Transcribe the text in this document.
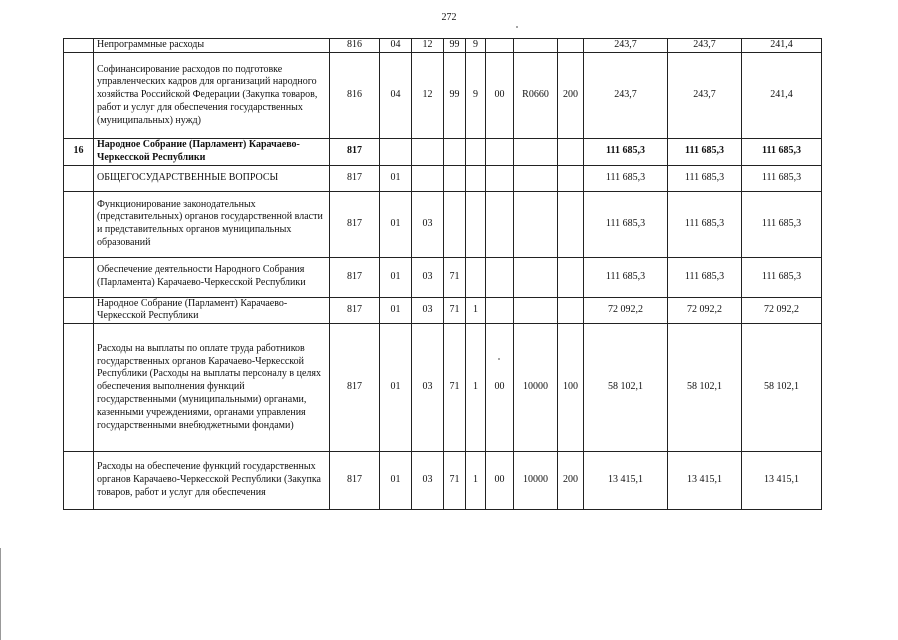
272
	Непрограммные расходы	816	04	12	99	9				243,7	243,7	241,4
	Софинансирование расходов по подготовке управленческих кадров для организаций народного хозяйства Российской Федерации (Закупка товаров, работ и услуг для обеспечения государственных (муниципальных) нужд)	816	04	12	99	9	00	R0660	200	243,7	243,7	241,4
16	Народное Собрание (Парламент) Карачаево-Черкесской Республики	817								111 685,3	111 685,3	111 685,3
	ОБЩЕГОСУДАРСТВЕННЫЕ ВОПРОСЫ	817	01							111 685,3	111 685,3	111 685,3
	Функционирование законодательных (представительных) органов государственной власти и представительных органов муниципальных образований	817	01	03						111 685,3	111 685,3	111 685,3
	Обеспечение деятельности Народного Собрания (Парламента) Карачаево-Черкесской Республики	817	01	03	71					111 685,3	111 685,3	111 685,3
	Народное Собрание (Парламент) Карачаево-Черкесской Республики	817	01	03	71	1				72 092,2	72 092,2	72 092,2
	Расходы на выплаты по оплате труда работников государственных органов Карачаево-Черкесской Республики (Расходы на выплаты персоналу в целях обеспечения выполнения функций государственными (муниципальными) органами, казенными учреждениями, органами управления государственными внебюджетными фондами)	817	01	03	71	1	00	10000	100	58 102,1	58 102,1	58 102,1
	Расходы на обеспечение функций государственных органов Карачаево-Черкесской Республики (Закупка товаров, работ и услуг для обеспечения	817	01	03	71	1	00	10000	200	13 415,1	13 415,1	13 415,1
